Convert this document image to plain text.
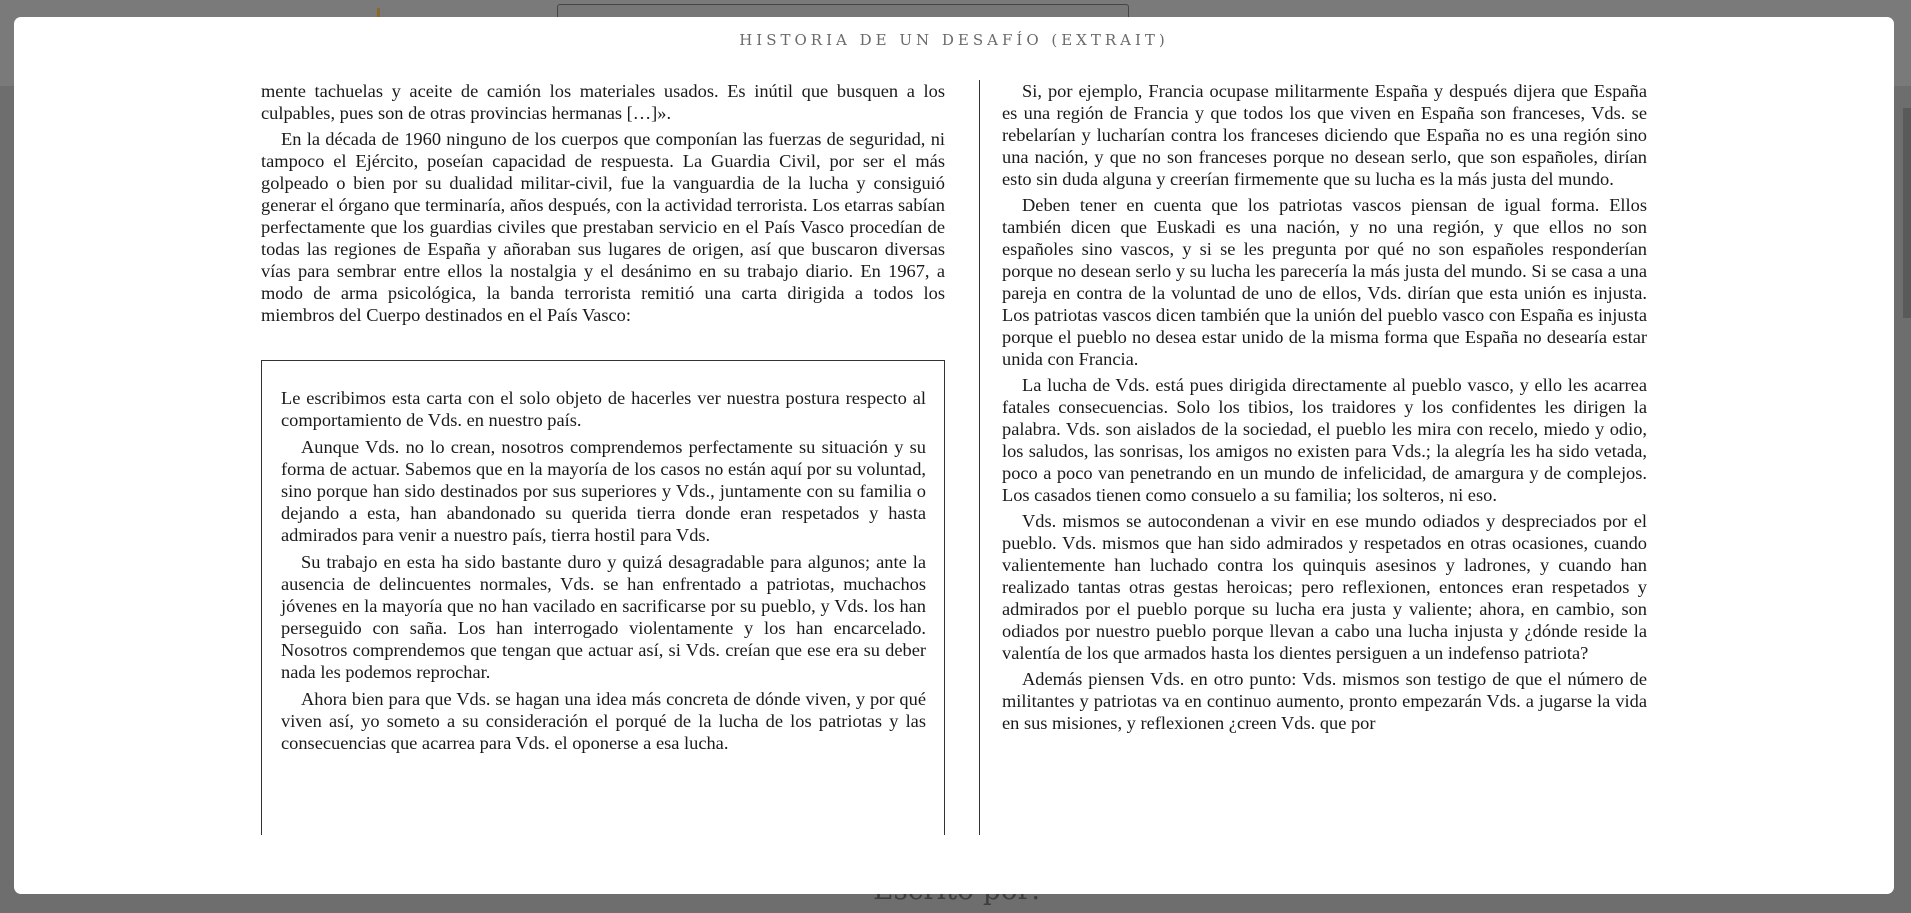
HISTORIA DE UN DESAFÍO (EXTRAIT)

mente tachuelas y aceite de camión los materiales usados. Es inútil que busquen a los culpables, pues son de otras provincias hermanas […]».

En la década de 1960 ninguno de los cuerpos que componían las fuerzas de seguridad, ni tampoco el Ejército, poseían capacidad de respuesta. La Guardia Civil, por ser el más golpeado o bien por su dualidad militar-civil, fue la vanguardia de la lucha y consiguió generar el órgano que terminaría, años después, con la actividad terrorista. Los etarras sabían perfectamente que los guardias civiles que prestaban servicio en el País Vasco procedían de todas las regiones de España y añoraban sus lugares de origen, así que buscaron diversas vías para sembrar entre ellos la nostalgia y el desánimo en su trabajo diario. En 1967, a modo de arma psicológica, la banda terrorista remitió una carta dirigida a todos los miembros del Cuerpo destinados en el País Vasco:

Le escribimos esta carta con el solo objeto de hacerles ver nuestra postura respecto al comportamiento de Vds. en nuestro país.

Aunque Vds. no lo crean, nosotros comprendemos perfectamente su situación y su forma de actuar. Sabemos que en la mayoría de los casos no están aquí por su voluntad, sino porque han sido destinados por sus superiores y Vds., juntamente con su familia o dejando a esta, han abandonado su querida tierra donde eran respetados y hasta admirados para venir a nuestro país, tierra hostil para Vds.

Su trabajo en esta ha sido bastante duro y quizá desagradable para algunos; ante la ausencia de delincuentes normales, Vds. se han enfrentado a patriotas, muchachos jóvenes en la mayoría que no han vacilado en sacrificarse por su pueblo, y Vds. los han perseguido con saña. Los han interrogado violentamente y los han encarcelado. Nosotros comprendemos que tengan que actuar así, si Vds. creían que ese era su deber nada les podemos reprochar.

Ahora bien para que Vds. se hagan una idea más concreta de dónde viven, y por qué viven así, yo someto a su consideración el porqué de la lucha de los patriotas y las consecuencias que acarrea para Vds. el oponerse a esa lucha.

Si, por ejemplo, Francia ocupase militarmente España y después dijera que España es una región de Francia y que todos los que viven en España son franceses, Vds. se rebelarían y lucharían contra los franceses diciendo que España no es una región sino una nación, y que no son franceses porque no desean serlo, que son españoles, dirían esto sin duda alguna y creerían firmemente que su lucha es la más justa del mundo.

Deben tener en cuenta que los patriotas vascos piensan de igual forma. Ellos también dicen que Euskadi es una nación, y no una región, y que ellos no son españoles sino vascos, y si se les pregunta por qué no son españoles responderían porque no desean serlo y su lucha les parecería la más justa del mundo. Si se casa a una pareja en contra de la voluntad de uno de ellos, Vds. dirían que esta unión es injusta. Los patriotas vascos dicen también que la unión del pueblo vasco con España es injusta porque el pueblo no desea estar unido de la misma forma que España no desearía estar unida con Francia.

La lucha de Vds. está pues dirigida directamente al pueblo vasco, y ello les acarrea fatales consecuencias. Solo los tibios, los traidores y los confidentes les dirigen la palabra. Vds. son aislados de la sociedad, el pueblo les mira con recelo, miedo y odio, los saludos, las sonrisas, los amigos no existen para Vds.; la alegría les ha sido vetada, poco a poco van penetrando en un mundo de infelicidad, de amargura y de complejos. Los casados tienen como consuelo a su familia; los solteros, ni eso.

Vds. mismos se autocondenan a vivir en ese mundo odiados y despreciados por el pueblo. Vds. mismos que han sido admirados y respetados en otras ocasiones, cuando valientemente han luchado contra los quinquis asesinos y ladrones, y cuando han realizado tantas otras gestas heroicas; pero reflexionen, entonces eran respetados y admirados por el pueblo porque su lucha era justa y valiente; ahora, en cambio, son odiados por nuestro pueblo porque llevan a cabo una lucha injusta y ¿dónde reside la valentía de los que armados hasta los dientes persiguen a un indefenso patriota?

Además piensen Vds. en otro punto: Vds. mismos son testigo de que el número de militantes y patriotas va en continuo aumento, pronto empezarán Vds. a jugarse la vida en sus misiones, y reflexionen ¿creen Vds. que por
